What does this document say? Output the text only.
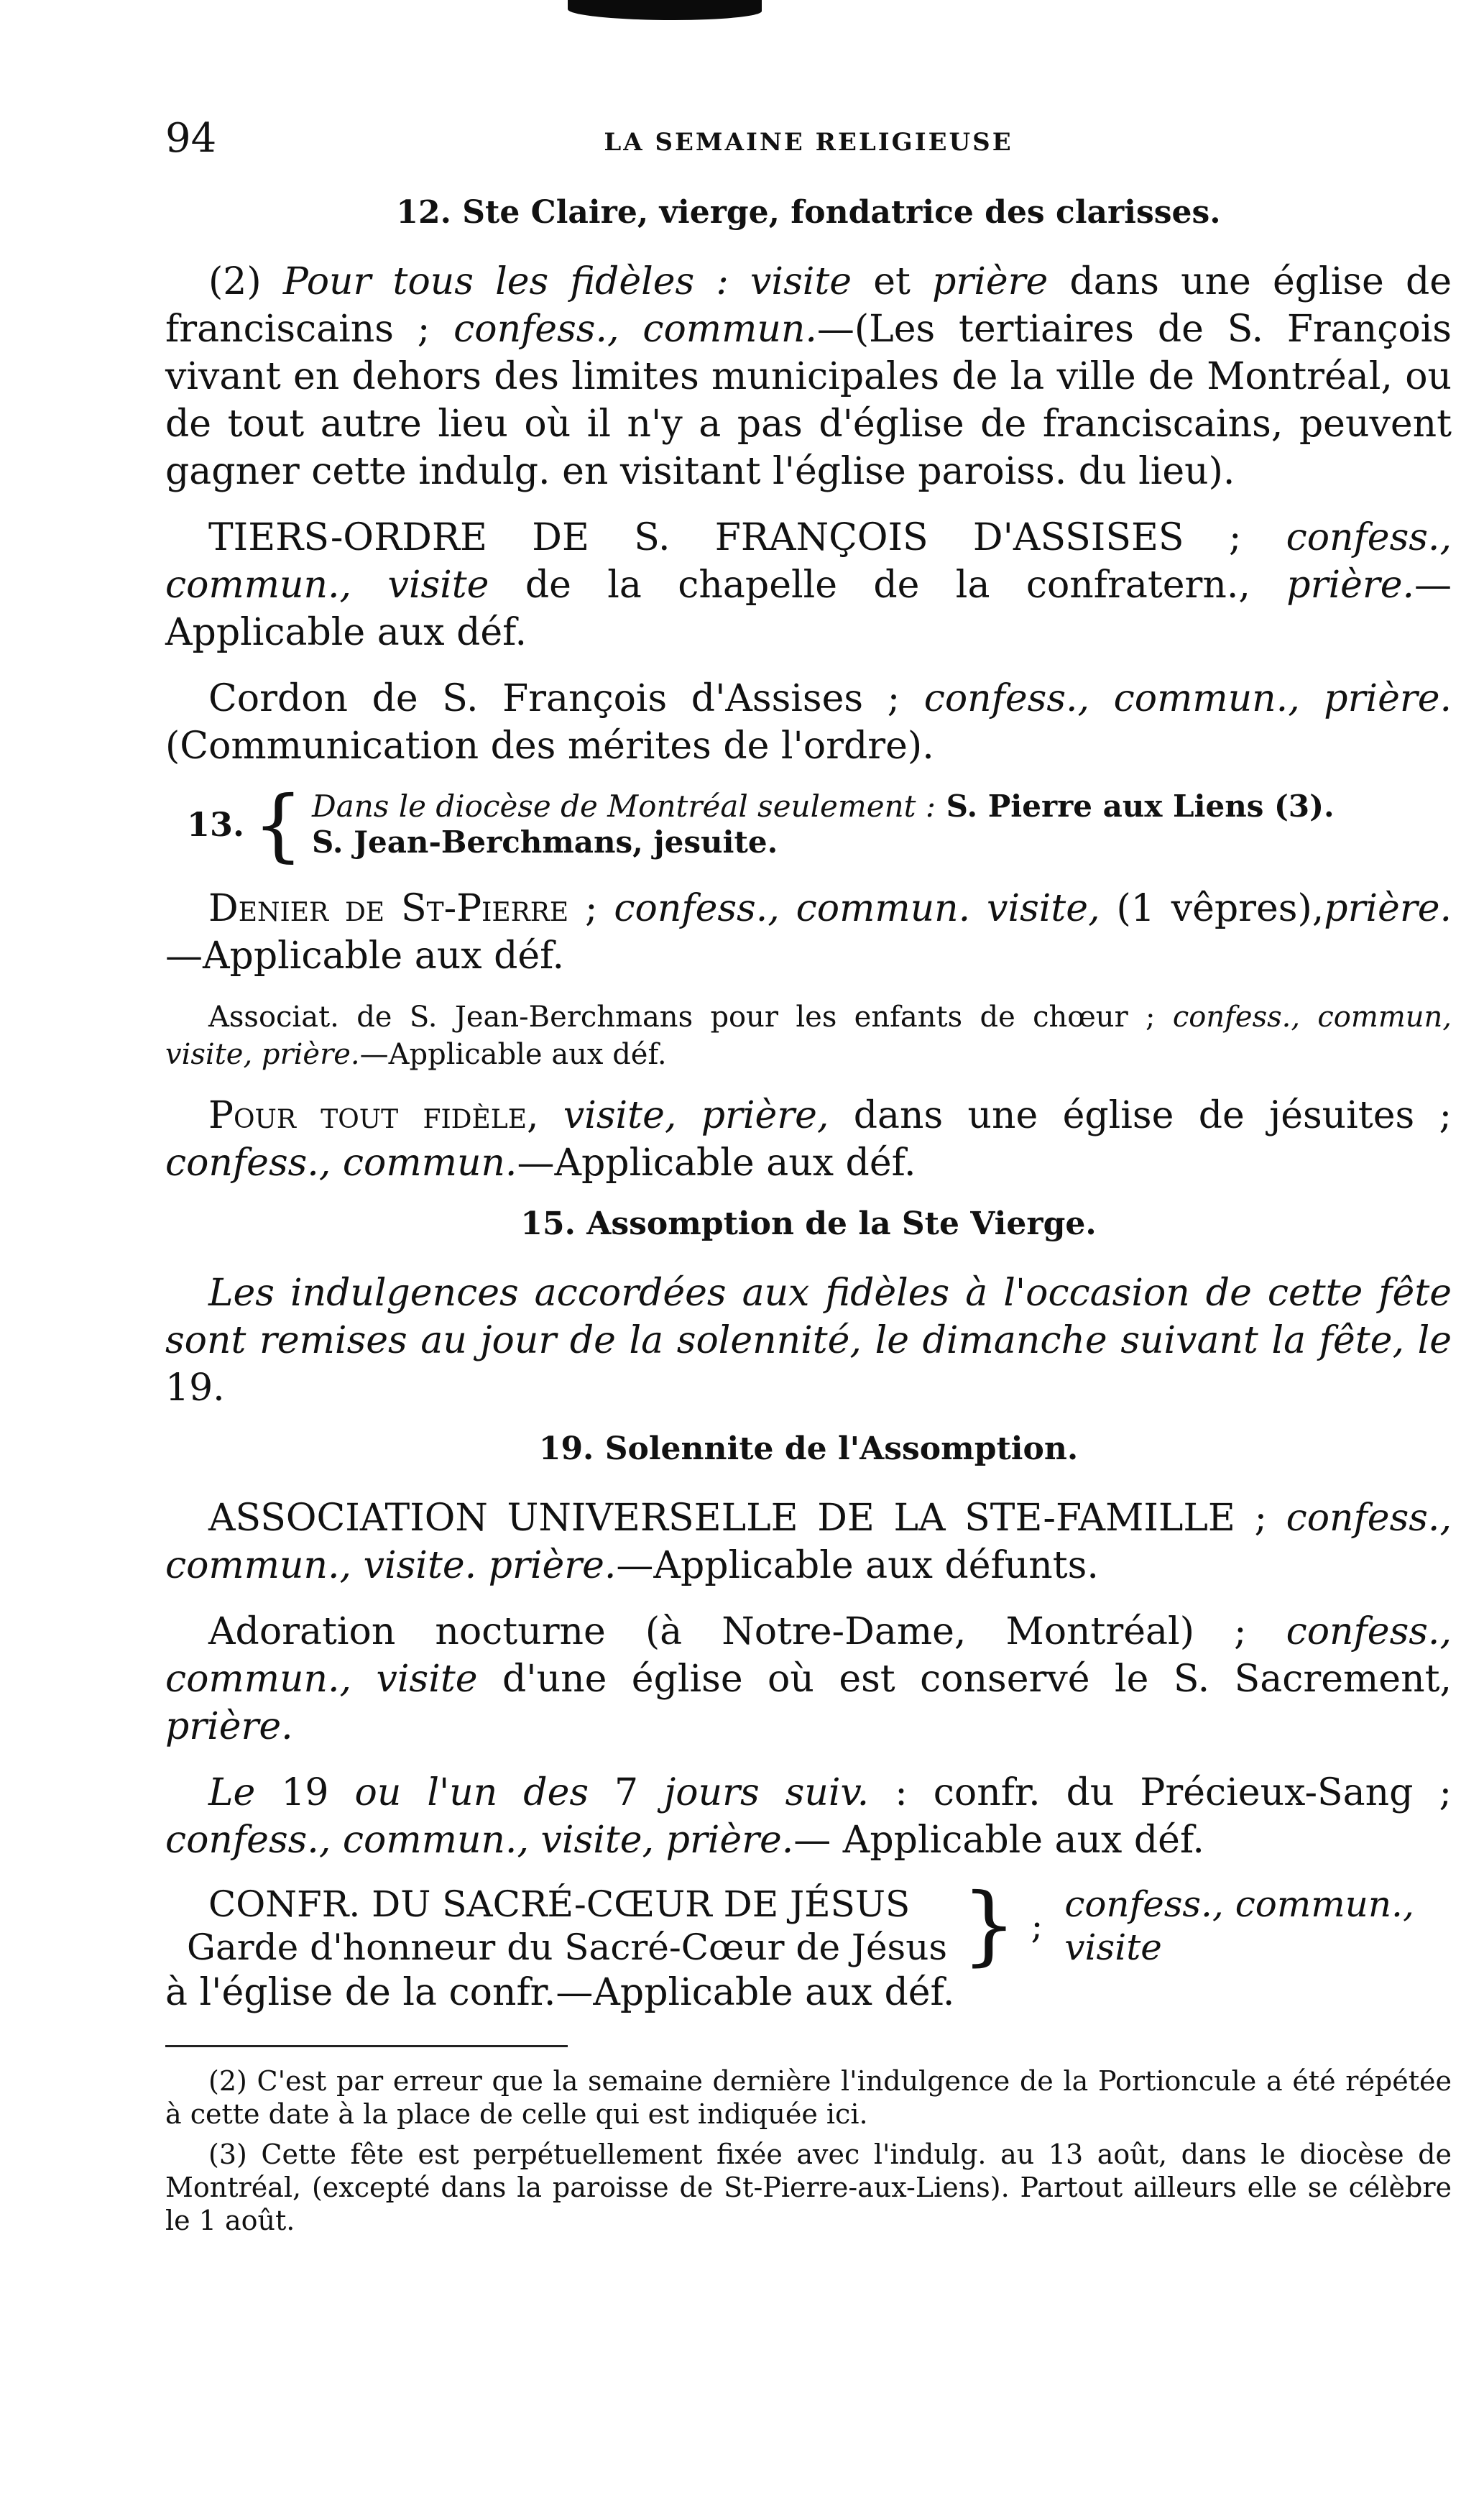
94	LA SEMAINE RELIGIEUSE
12. Ste Claire, vierge, fondatrice des clarisses.

(2) Pour tous les fidèles : visite et prière dans une église de franciscains ; confess., commun.—(Les tertiaires de S. François vivant en dehors des limites municipales de la ville de Montréal, ou de tout autre lieu où il n'y a pas d'église de franciscains, peuvent gagner cette indulg. en visitant l'église paroiss. du lieu).

TIERS-ORDRE DE S. FRANÇOIS D'ASSISES ; confess., commun., visite de la chapelle de la confratern., prière.— Applicable aux déf.

Cordon de S. François d'Assises ; confess., commun., prière. (Communication des mérites de l'ordre).

13. { Dans le diocèse de Montréal seulement : S. Pierre aux Liens (3).
S. Jean-Berchmans, jesuite.

Denier de St-Pierre ; confess., commun. visite, (1 vêpres),prière. —Applicable aux déf.

Associat. de S. Jean-Berchmans pour les enfants de chœur ; confess., commun, visite, prière.—Applicable aux déf.

Pour tout fidèle, visite, prière, dans une église de jésuites ; confess., commun.—Applicable aux déf.

15. Assomption de la Ste Vierge.

Les indulgences accordées aux fidèles à l'occasion de cette fête sont remises au jour de la solennité, le dimanche suivant la fête, le 19.

19. Solennite de l'Assomption.

ASSOCIATION UNIVERSELLE DE LA STE-FAMILLE ; confess., commun., visite. prière.—Applicable aux défunts.

Adoration nocturne (à Notre-Dame, Montréal) ; confess., commun., visite d'une église où est conservé le S. Sacrement, prière.

Le 19 ou l'un des 7 jours suiv. : confr. du Précieux-Sang ; confess., commun., visite, prière.— Applicable aux déf.

CONFR. DU SACRÉ-CŒUR DE JÉSUS
Garde d'honneur du Sacré-Cœur de Jésus } ;
confess., commun., visite

à l'église de la confr.—Applicable aux déf.

(2) C'est par erreur que la semaine dernière l'indulgence de la Portioncule a été répétée à cette date à la place de celle qui est indiquée ici.

(3) Cette fête est perpétuellement fixée avec l'indulg. au 13 août, dans le diocèse de Montréal, (excepté dans la paroisse de St-Pierre-aux-Liens). Partout ailleurs elle se célèbre le 1 août.
